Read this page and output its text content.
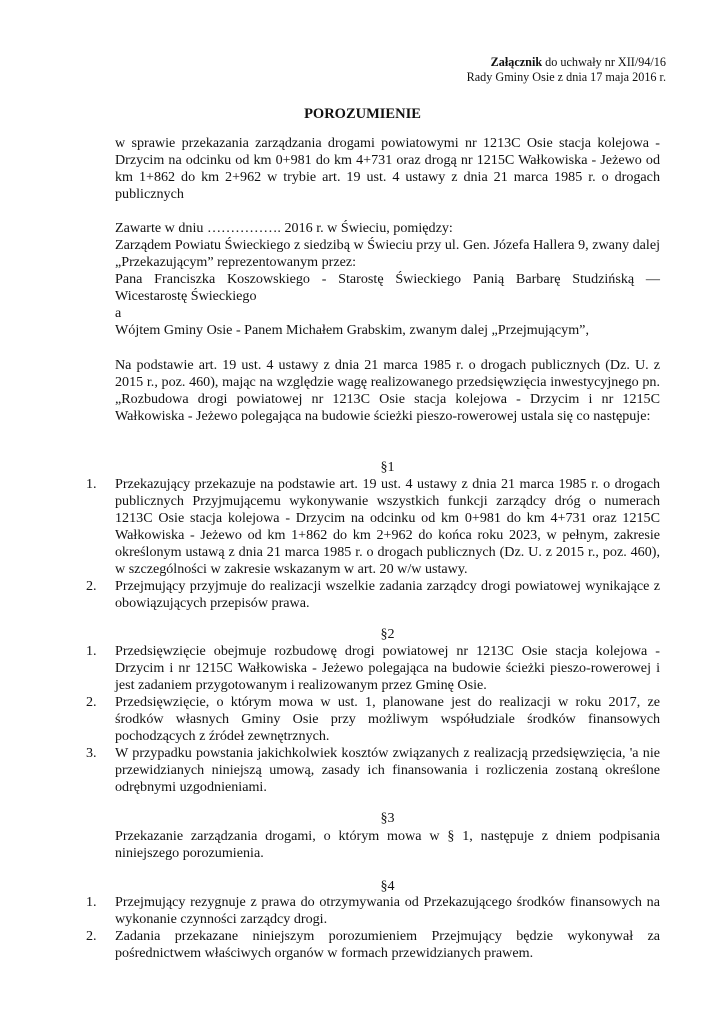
Załącznik do uchwały nr XII/94/16
Rady Gminy Osie z dnia 17 maja 2016 r.
POROZUMIENIE

w sprawie przekazania zarządzania drogami powiatowymi nr 1213C Osie stacja kolejowa - Drzycim na odcinku od km 0+981 do km 4+731 oraz drogą nr 1215C Wałkowiska - Jeżewo od km 1+862 do km 2+962 w trybie art. 19 ust. 4 ustawy z dnia 21 marca 1985 r. o drogach publicznych

Zawarte w dniu ……………. 2016 r. w Świeciu, pomiędzy:

Zarządem Powiatu Świeckiego z siedzibą w Świeciu przy ul. Gen. Józefa Hallera 9, zwany dalej „Przekazującym” reprezentowanym przez:

Pana Franciszka Koszowskiego - Starostę Świeckiego Panią Barbarę Studzińską — Wicestarostę Świeckiego

a

Wójtem Gminy Osie - Panem Michałem Grabskim, zwanym dalej „Przejmującym”,

Na podstawie art. 19 ust. 4 ustawy z dnia 21 marca 1985 r. o drogach publicznych (Dz. U. z 2015 r., poz. 460), mając na względzie wagę realizowanego przedsięwzięcia inwestycyjnego pn. „Rozbudowa drogi powiatowej nr 1213C Osie stacja kolejowa - Drzycim i nr 1215C Wałkowiska - Jeżewo polegająca na budowie ścieżki pieszo-rowerowej ustala się co następuje:

§1
1. Przekazujący przekazuje na podstawie art. 19 ust. 4 ustawy z dnia 21 marca 1985 r. o drogach publicznych Przyjmującemu wykonywanie wszystkich funkcji zarządcy dróg o numerach 1213C Osie stacja kolejowa - Drzycim na odcinku od km 0+981 do km 4+731 oraz 1215C Wałkowiska - Jeżewo od km 1+862 do km 2+962 do końca roku 2023, w pełnym, zakresie określonym ustawą z dnia 21 marca 1985 r. o drogach publicznych (Dz. U. z 2015 r., poz. 460), w szczególności w zakresie wskazanym w art. 20 w/w ustawy.
2. Przejmujący przyjmuje do realizacji wszelkie zadania zarządcy drogi powiatowej wynikające z obowiązujących przepisów prawa.
§2
1. Przedsięwzięcie obejmuje rozbudowę drogi powiatowej nr 1213C Osie stacja kolejowa - Drzycim i nr 1215C Wałkowiska - Jeżewo polegająca na budowie ścieżki pieszo-rowerowej i jest zadaniem przygotowanym i realizowanym przez Gminę Osie.
2. Przedsięwzięcie, o którym mowa w ust. 1, planowane jest do realizacji w roku 2017, ze środków własnych Gminy Osie przy możliwym współudziale środków finansowych pochodzących z źródeł zewnętrznych.
3. W przypadku powstania jakichkolwiek kosztów związanych z realizacją przedsięwzięcia, 'a nie przewidzianych niniejszą umową, zasady ich finansowania i rozliczenia zostaną określone odrębnymi uzgodnieniami.
§3

Przekazanie zarządzania drogami, o którym mowa w § 1, następuje z dniem podpisania niniejszego porozumienia.

§4
1. Przejmujący rezygnuje z prawa do otrzymywania od Przekazującego środków finansowych na wykonanie czynności zarządcy drogi.
2. Zadania przekazane niniejszym porozumieniem Przejmujący będzie wykonywał za pośrednictwem właściwych organów w formach przewidzianych prawem.
